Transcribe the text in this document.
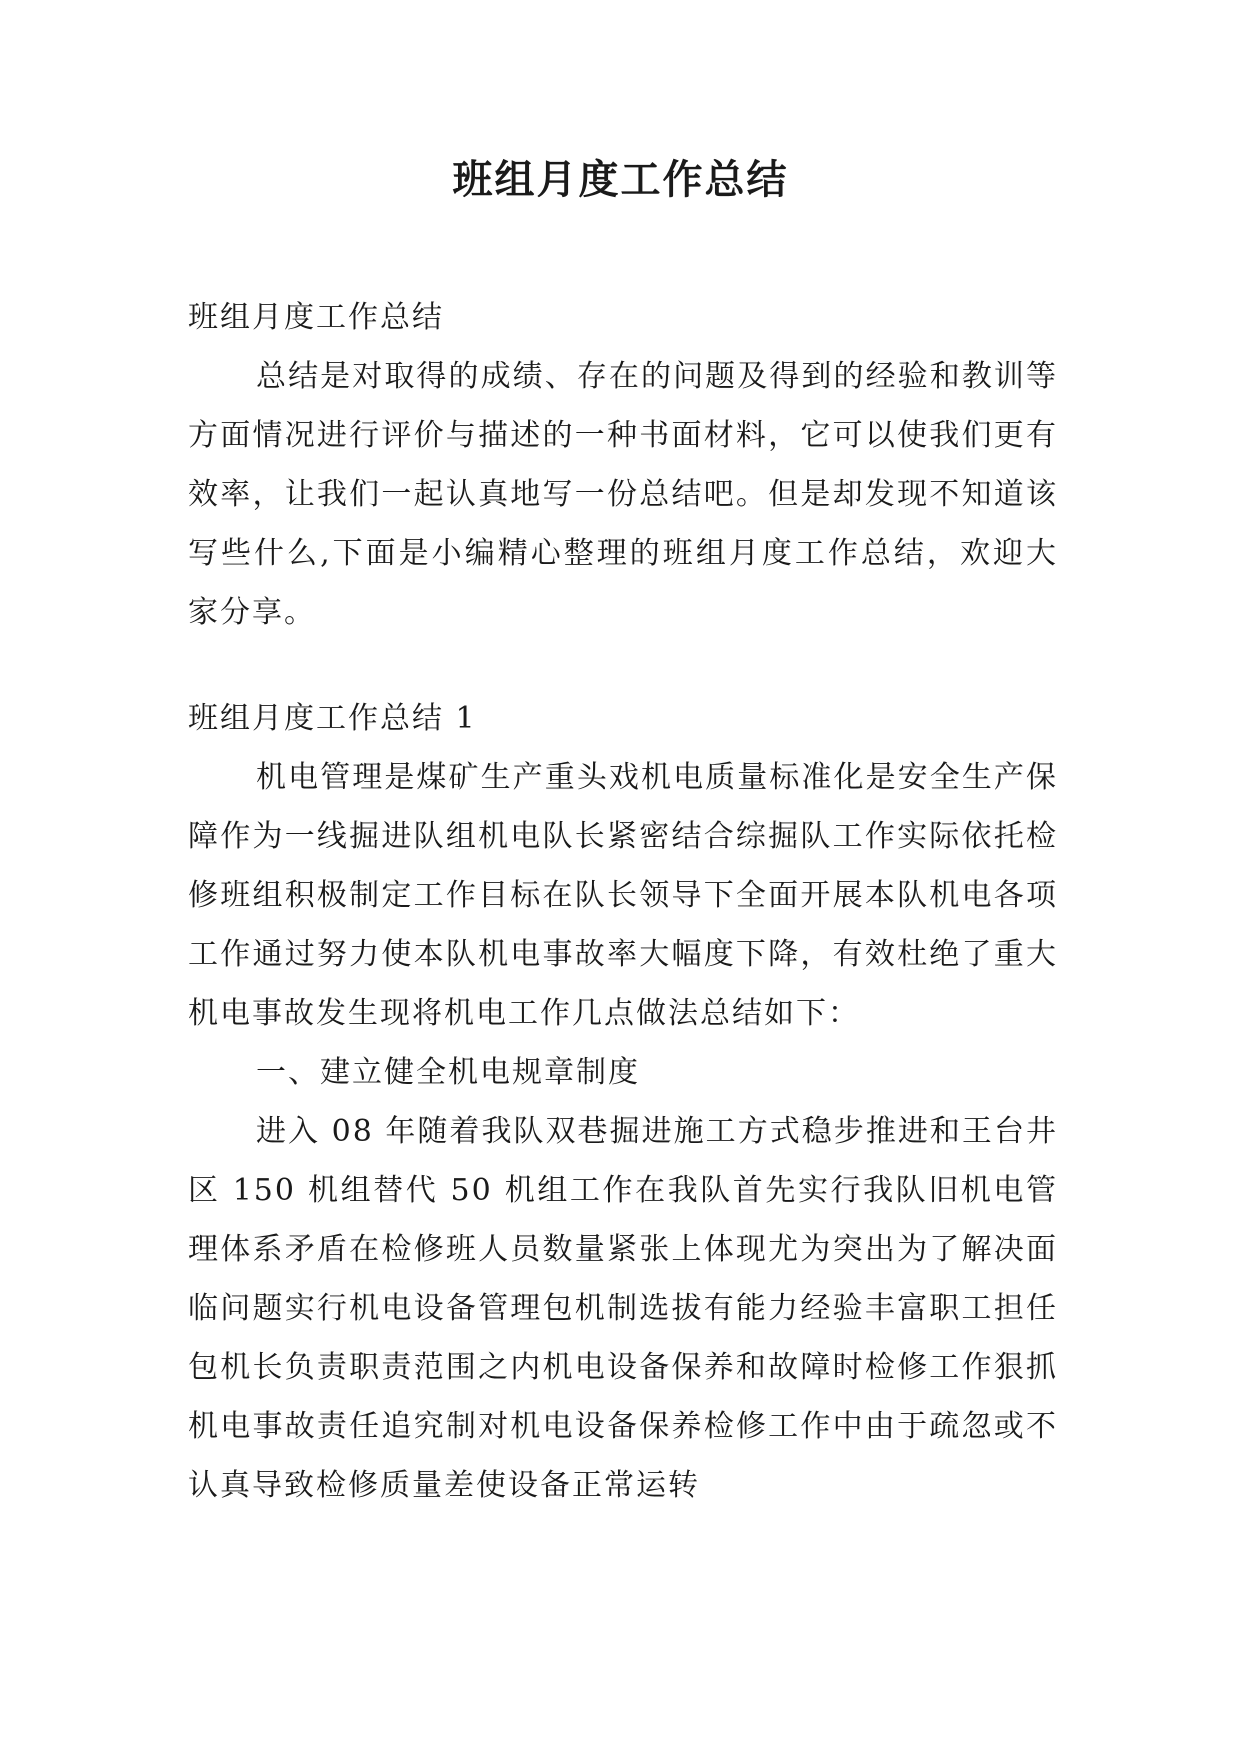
班组月度工作总结

班组月度工作总结

总结是对取得的成绩、存在的问题及得到的经验和教训等方面情况进行评价与描述的一种书面材料，它可以使我们更有效率，让我们一起认真地写一份总结吧。但是却发现不知道该写些什么,下面是小编精心整理的班组月度工作总结，欢迎大家分享。

班组月度工作总结 1

机电管理是煤矿生产重头戏机电质量标准化是安全生产保障作为一线掘进队组机电队长紧密结合综掘队工作实际依托检修班组积极制定工作目标在队长领导下全面开展本队机电各项工作通过努力使本队机电事故率大幅度下降，有效杜绝了重大机电事故发生现将机电工作几点做法总结如下：

一、建立健全机电规章制度

进入 08 年随着我队双巷掘进施工方式稳步推进和王台井区 150 机组替代 50 机组工作在我队首先实行我队旧机电管理体系矛盾在检修班人员数量紧张上体现尤为突出为了解决面临问题实行机电设备管理包机制选拔有能力经验丰富职工担任包机长负责职责范围之内机电设备保养和故障时检修工作狠抓机电事故责任追究制对机电设备保养检修工作中由于疏忽或不认真导致检修质量差使设备正常运转
